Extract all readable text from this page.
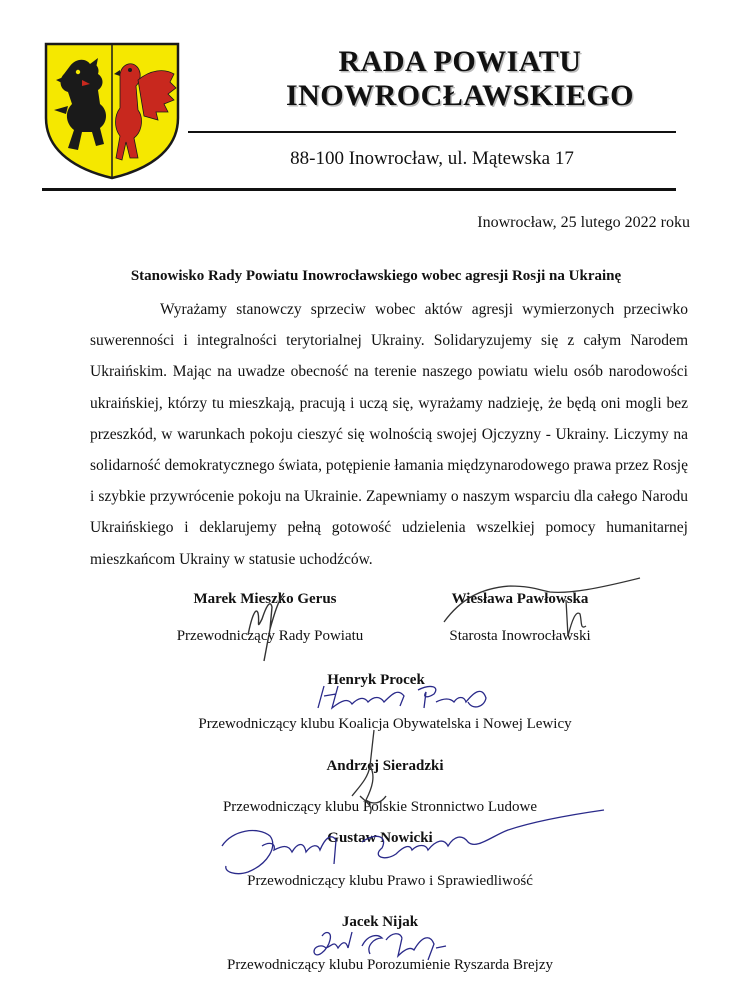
RADA POWIATU
INOWROCŁAWSKIEGO
88-100 Inowrocław, ul. Mątewska 17
Inowrocław, 25 lutego 2022 roku
Stanowisko Rady Powiatu Inowrocławskiego wobec agresji Rosji na Ukrainę
Wyrażamy stanowczy sprzeciw wobec aktów agresji wymierzonych przeciwko suwerenności i integralności terytorialnej Ukrainy. Solidaryzujemy się z całym Narodem Ukraińskim. Mając na uwadze obecność na terenie naszego powiatu wielu osób narodowości ukraińskiej, którzy tu mieszkają, pracują i uczą się, wyrażamy nadzieję, że będą oni mogli bez przeszkód, w warunkach pokoju cieszyć się wolnością swojej Ojczyzny - Ukrainy. Liczymy na solidarność demokratycznego świata, potępienie łamania międzynarodowego prawa przez Rosję i szybkie przywrócenie pokoju na Ukrainie. Zapewniamy o naszym wsparciu dla całego Narodu Ukraińskiego i deklarujemy pełną gotowość udzielenia wszelkiej pomocy humanitarnej mieszkańcom Ukrainy w statusie uchodźców.
Marek Mieszko Gerus
Przewodniczący Rady Powiatu
Wiesława Pawłowska
Starosta Inowrocławski
Henryk Procek
Przewodniczący klubu Koalicja Obywatelska i Nowej Lewicy
Andrzej Sieradzki
Przewodniczący klubu Polskie Stronnictwo Ludowe
Gustaw Nowicki
Przewodniczący klubu Prawo i Sprawiedliwość
Jacek Nijak
Przewodniczący klubu Porozumienie Ryszarda Brejzy
